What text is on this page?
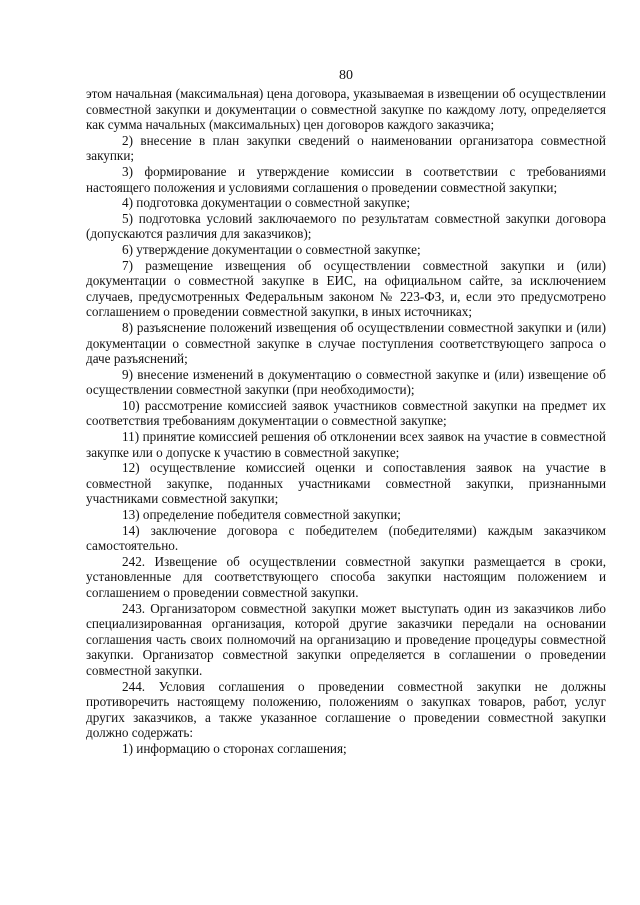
80

этом начальная (максимальная) цена договора, указываемая в извещении об осуществлении совместной закупки и документации о совместной закупке по каждому лоту, определяется как сумма начальных (максимальных) цен договоров каждого заказчика;

2) внесение в план закупки сведений о наименовании организатора совместной закупки;

3) формирование и утверждение комиссии в соответствии с требованиями настоящего положения и условиями соглашения о проведении совместной закупки;

4) подготовка документации о совместной закупке;

5) подготовка условий заключаемого по результатам совместной закупки договора (допускаются различия для заказчиков);

6) утверждение документации о совместной закупке;

7) размещение извещения об осуществлении совместной закупки и (или) документации о совместной закупке в ЕИС, на официальном сайте, за исключением случаев, предусмотренных Федеральным законом № 223-ФЗ, и, если это предусмотрено соглашением о проведении совместной закупки, в иных источниках;

8) разъяснение положений извещения об осуществлении совместной закупки и (или) документации о совместной закупке в случае поступления соответствующего запроса о даче разъяснений;

9) внесение изменений в документацию о совместной закупке и (или) извещение об осуществлении совместной закупки (при необходимости);

10) рассмотрение комиссией заявок участников совместной закупки на предмет их соответствия требованиям документации о совместной закупке;

11) принятие комиссией решения об отклонении всех заявок на участие в совместной закупке или о допуске к участию в совместной закупке;

12) осуществление комиссией оценки и сопоставления заявок на участие в совместной закупке, поданных участниками совместной закупки, признанными участниками совместной закупки;

13) определение победителя совместной закупки;

14) заключение договора с победителем (победителями) каждым заказчиком самостоятельно.

242. Извещение об осуществлении совместной закупки размещается в сроки, установленные для соответствующего способа закупки настоящим положением и соглашением о проведении совместной закупки.

243. Организатором совместной закупки может выступать один из заказчиков либо специализированная организация, которой другие заказчики передали на основании соглашения часть своих полномочий на организацию и проведение процедуры совместной закупки. Организатор совместной закупки определяется в соглашении о проведении совместной закупки.

244. Условия соглашения о проведении совместной закупки не должны противоречить настоящему положению, положениям о закупках товаров, работ, услуг других заказчиков, а также указанное соглашение о проведении совместной закупки должно содержать:

1) информацию о сторонах соглашения;
